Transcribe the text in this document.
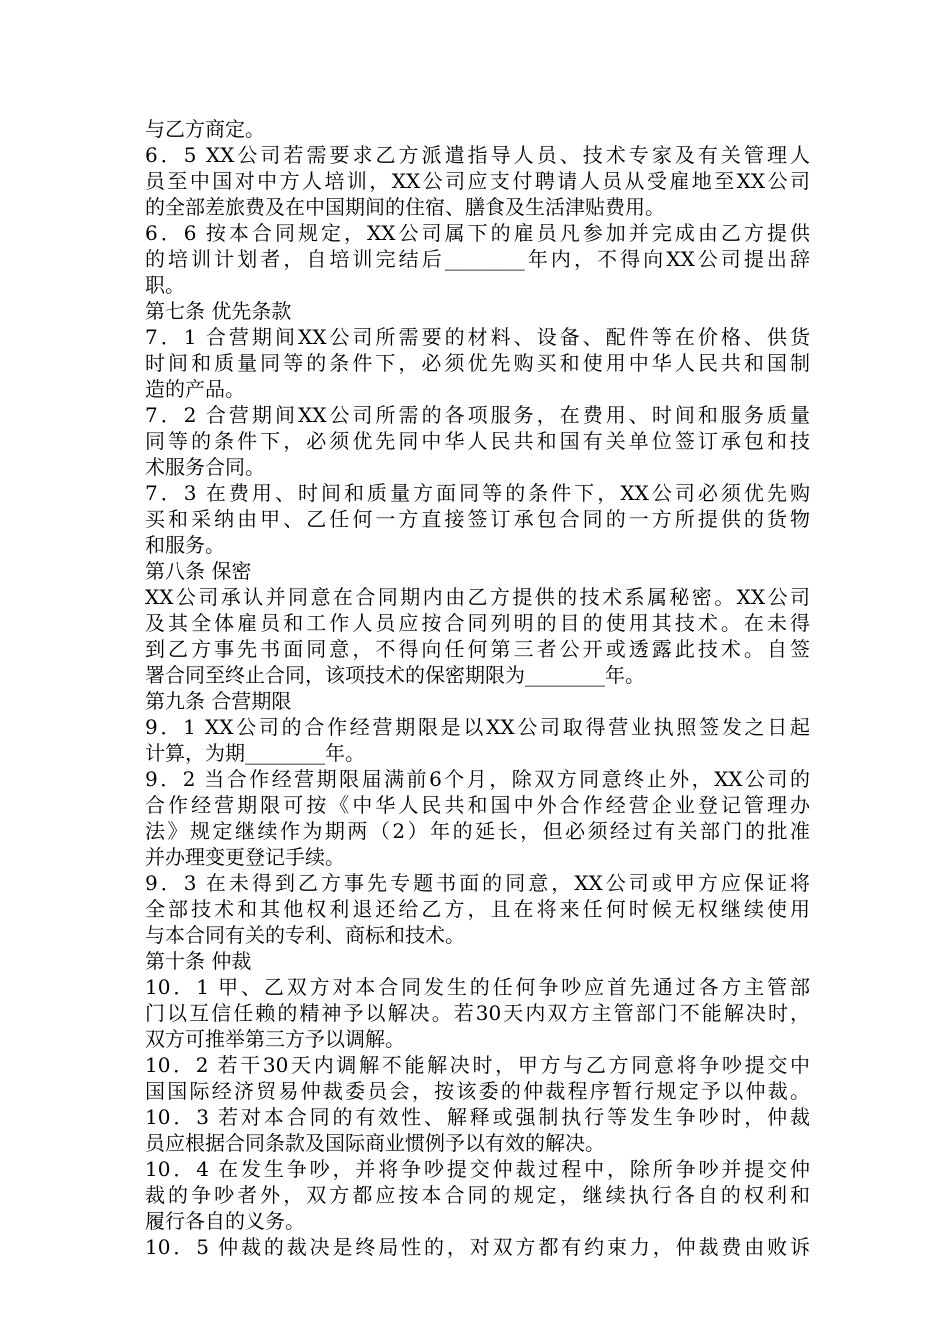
与乙方商定。
6．5 XX公司若需要求乙方派遣指导人员、技术专家及有关管理人
员至中国对中方人培训，XX公司应支付聘请人员从受雇地至XX公司
的全部差旅费及在中国期间的住宿、膳食及生活津贴费用。
6．6 按本合同规定，XX公司属下的雇员凡参加并完成由乙方提供
的培训计划者，自培训完结后________年内，不得向XX公司提出辞
职。
第七条 优先条款
7．1 合营期间XX公司所需要的材料、设备、配件等在价格、供货
时间和质量同等的条件下，必须优先购买和使用中华人民共和国制
造的产品。
7．2 合营期间XX公司所需的各项服务，在费用、时间和服务质量
同等的条件下，必须优先同中华人民共和国有关单位签订承包和技
术服务合同。
7．3 在费用、时间和质量方面同等的条件下，XX公司必须优先购
买和采纳由甲、乙任何一方直接签订承包合同的一方所提供的货物
和服务。
第八条 保密
XX公司承认并同意在合同期内由乙方提供的技术系属秘密。XX公司
及其全体雇员和工作人员应按合同列明的目的使用其技术。在未得
到乙方事先书面同意，不得向任何第三者公开或透露此技术。自签
署合同至终止合同，该项技术的保密期限为________年。
第九条 合营期限
9．1 XX公司的合作经营期限是以XX公司取得营业执照签发之日起
计算，为期________年。
9．2 当合作经营期限届满前6个月，除双方同意终止外，XX公司的
合作经营期限可按《中华人民共和国中外合作经营企业登记管理办
法》规定继续作为期两（2）年的延长，但必须经过有关部门的批准
并办理变更登记手续。
9．3 在未得到乙方事先专题书面的同意，XX公司或甲方应保证将
全部技术和其他权利退还给乙方，且在将来任何时候无权继续使用
与本合同有关的专利、商标和技术。
第十条 仲裁
10．1 甲、乙双方对本合同发生的任何争吵应首先通过各方主管部
门以互信任赖的精神予以解决。若30天内双方主管部门不能解决时，
双方可推举第三方予以调解。
10．2 若干30天内调解不能解决时，甲方与乙方同意将争吵提交中
国国际经济贸易仲裁委员会，按该委的仲裁程序暂行规定予以仲裁。
10．3 若对本合同的有效性、解释或强制执行等发生争吵时，仲裁
员应根据合同条款及国际商业惯例予以有效的解决。
10．4 在发生争吵，并将争吵提交仲裁过程中，除所争吵并提交仲
裁的争吵者外，双方都应按本合同的规定，继续执行各自的权利和
履行各自的义务。
10．5 仲裁的裁决是终局性的，对双方都有约束力，仲裁费由败诉
